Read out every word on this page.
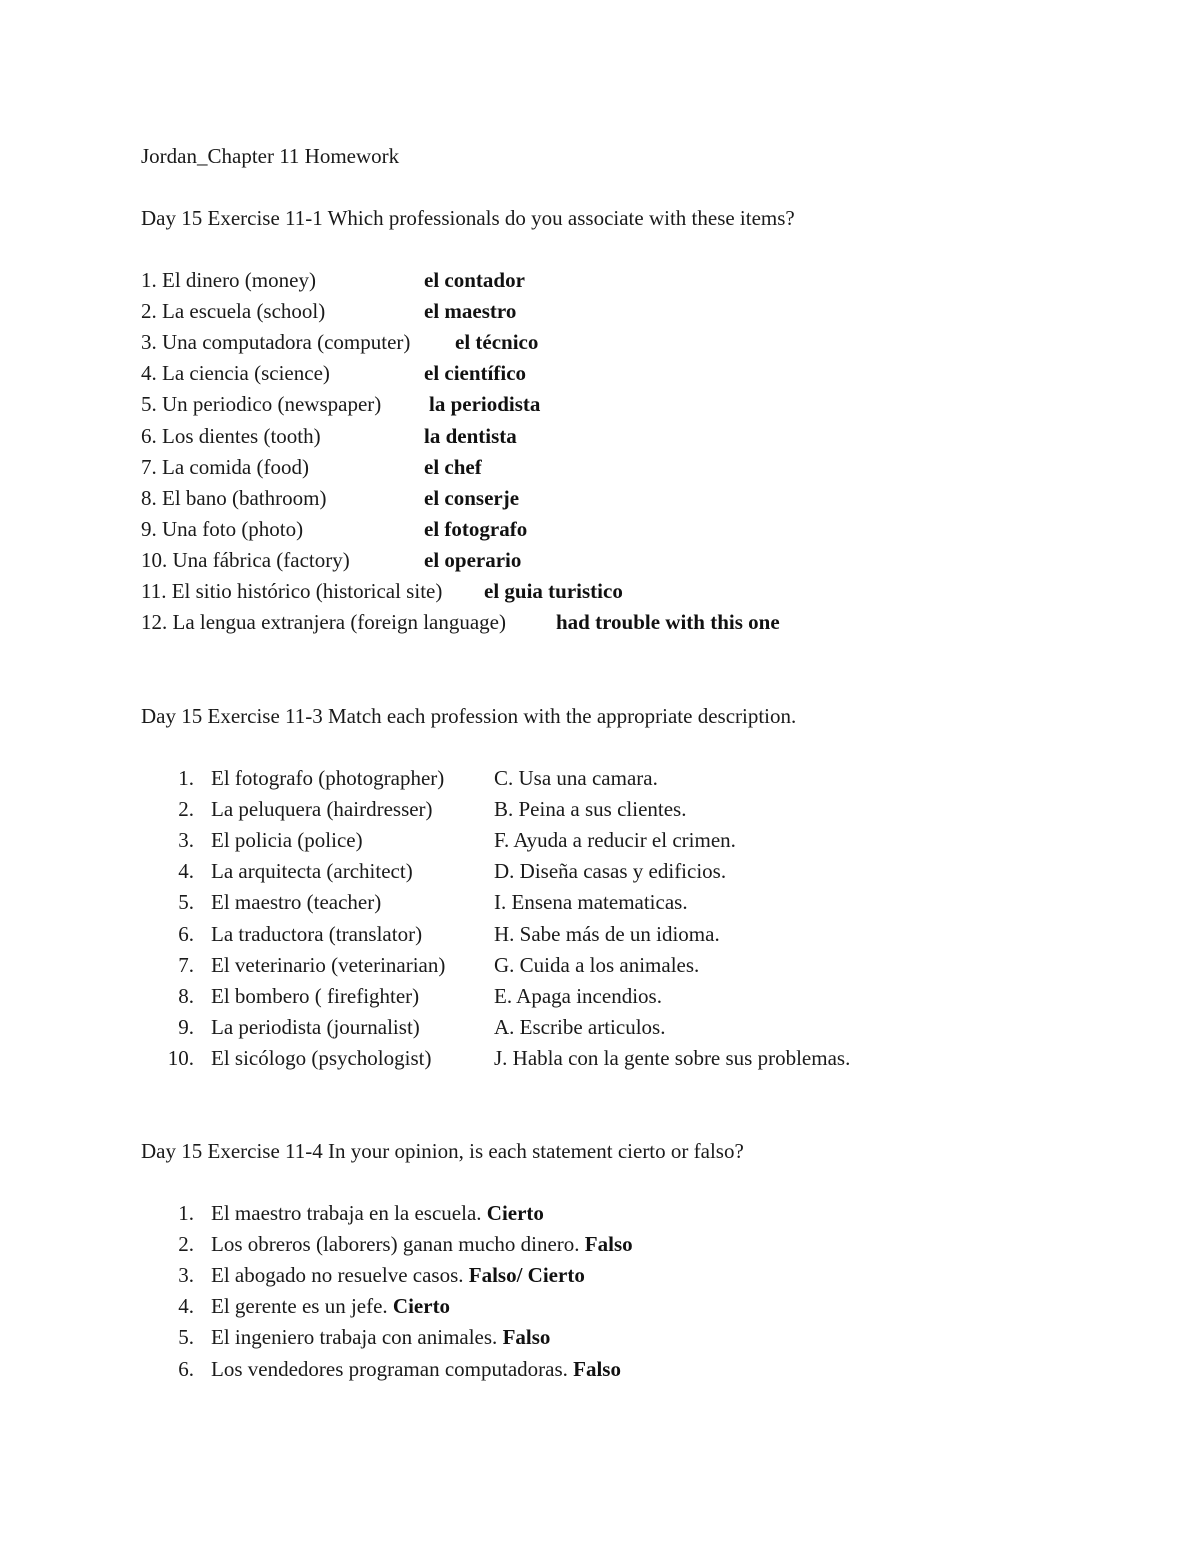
Jordan_Chapter 11 Homework
Day 15 Exercise 11-1 Which professionals do you associate with these items?
1. El dinero (money)	el contador
2. La escuela (school)	el maestro
3. Una computadora (computer) el técnico
4. La ciencia (science)	el científico
5. Un periodico (newspaper) la periodista
6. Los dientes (tooth)	la dentista
7. La comida (food)	el chef
8. El bano (bathroom)	el conserje
9. Una foto (photo)	el fotografo
10. Una fábrica (factory)	el operario
11. El sitio histórico (historical site) el guia turistico
12. La lengua extranjera (foreign language) had trouble with this one
Day 15 Exercise 11-3 Match each profession with the appropriate description.
1. El fotografo (photographer) C. Usa una camara.
2. La peluquera (hairdresser)	B. Peina a sus clientes.
3. El policia (police)	F. Ayuda a reducir el crimen.
4. La arquitecta (architect)	D. Diseña casas y edificios.
5. El maestro (teacher)	I. Ensena matematicas.
6. La traductora (translator)	H. Sabe más de un idioma.
7. El veterinario (veterinarian) G. Cuida a los animales.
8. El bombero ( firefighter)	E. Apaga incendios.
9. La periodista (journalist)	A. Escribe articulos.
10. El sicólogo (psychologist)	J. Habla con la gente sobre sus problemas.
Day 15 Exercise 11-4 In your opinion, is each statement cierto or falso?
1. El maestro trabaja en la escuela. Cierto
2. Los obreros (laborers) ganan mucho dinero. Falso
3. El abogado no resuelve casos. Falso/ Cierto
4. El gerente es un jefe. Cierto
5. El ingeniero trabaja con animales. Falso
6. Los vendedores programan computadoras. Falso
